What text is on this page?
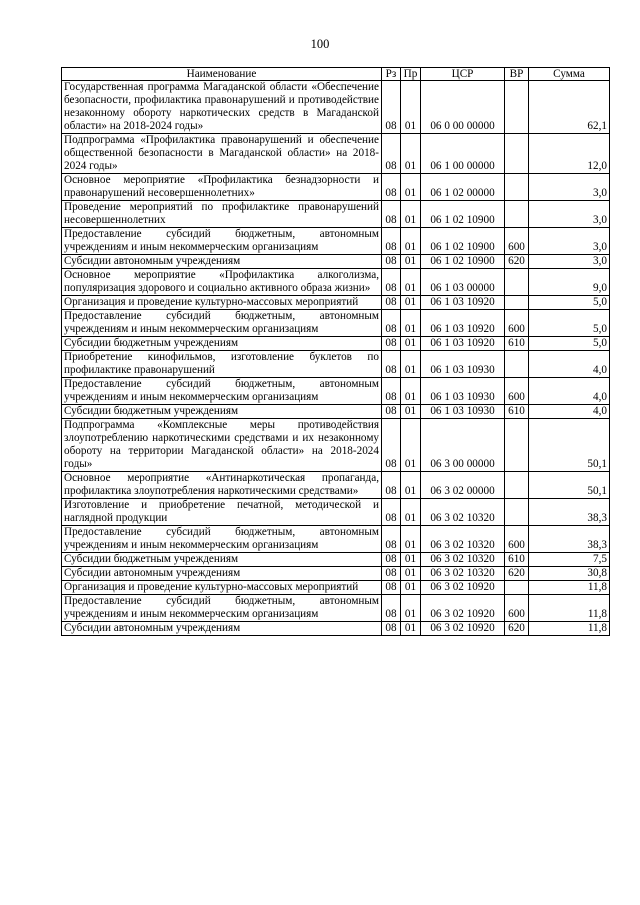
100
Наименование	Рз	Пр	ЦСР	ВР	Сумма
Государственная программа Магаданской области «Обеспечение безопасности, профилактика правонарушений и противодействие незаконному обороту наркотических средств в Магаданской области» на 2018-2024 годы»	08	01	06 0 00 00000		62,1
Подпрограмма «Профилактика правонарушений и обеспечение общественной безопасности в Магаданской области» на 2018-2024 годы»	08	01	06 1 00 00000		12,0
Основное мероприятие «Профилактика безнадзорности и правонарушений несовершеннолетних»	08	01	06 1 02 00000		3,0
Проведение мероприятий по профилактике правонарушений несовершеннолетних	08	01	06 1 02 10900		3,0
Предоставление субсидий бюджетным, автономным учреждениям и иным некоммерческим организациям	08	01	06 1 02 10900	600	3,0
Субсидии автономным учреждениям	08	01	06 1 02 10900	620	3,0
Основное мероприятие «Профилактика алкоголизма, популяризация здорового и социально активного образа жизни»	08	01	06 1 03 00000		9,0
Организация и проведение культурно-массовых мероприятий	08	01	06 1 03 10920		5,0
Предоставление субсидий бюджетным, автономным учреждениям и иным некоммерческим организациям	08	01	06 1 03 10920	600	5,0
Субсидии бюджетным учреждениям	08	01	06 1 03 10920	610	5,0
Приобретение кинофильмов, изготовление буклетов по профилактике правонарушений	08	01	06 1 03 10930		4,0
Предоставление субсидий бюджетным, автономным учреждениям и иным некоммерческим организациям	08	01	06 1 03 10930	600	4,0
Субсидии бюджетным учреждениям	08	01	06 1 03 10930	610	4,0
Подпрограмма «Комплексные меры противодействия злоупотреблению наркотическими средствами и их незаконному обороту на территории Магаданской области» на 2018-2024 годы»	08	01	06 3 00 00000		50,1
Основное мероприятие «Антинаркотическая пропаганда, профилактика злоупотребления наркотическими средствами»	08	01	06 3 02 00000		50,1
Изготовление и приобретение печатной, методической и наглядной продукции	08	01	06 3 02 10320		38,3
Предоставление субсидий бюджетным, автономным учреждениям и иным некоммерческим организациям	08	01	06 3 02 10320	600	38,3
Субсидии бюджетным учреждениям	08	01	06 3 02 10320	610	7,5
Субсидии автономным учреждениям	08	01	06 3 02 10320	620	30,8
Организация и проведение культурно-массовых мероприятий	08	01	06 3 02 10920		11,8
Предоставление субсидий бюджетным, автономным учреждениям и иным некоммерческим организациям	08	01	06 3 02 10920	600	11,8
Субсидии автономным учреждениям	08	01	06 3 02 10920	620	11,8
